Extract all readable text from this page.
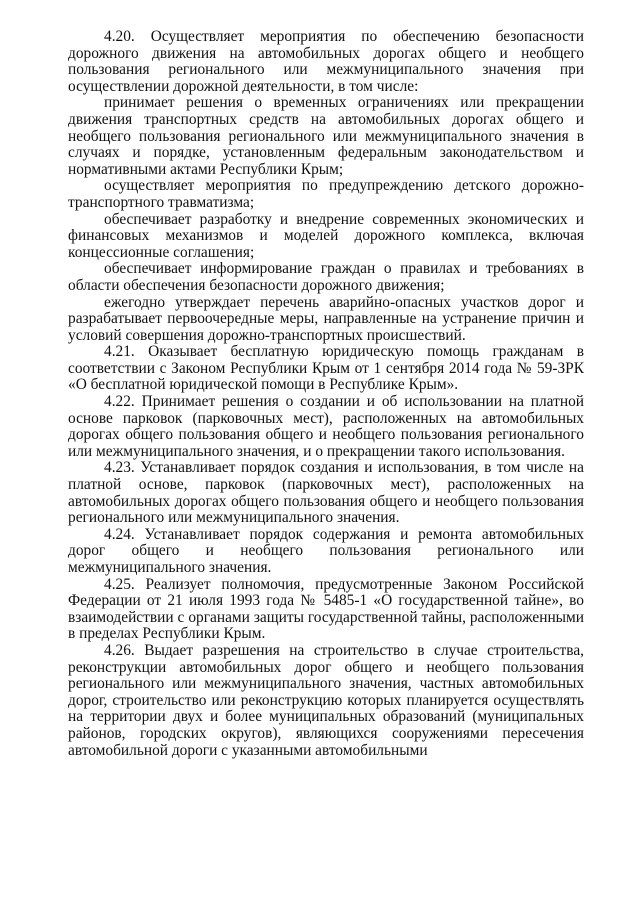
4.20. Осуществляет мероприятия по обеспечению безопасности дорожного движения на автомобильных дорогах общего и необщего пользования регионального или межмуниципального значения при осуществлении дорожной деятельности, в том числе:

принимает решения о временных ограничениях или прекращении движения транспортных средств на автомобильных дорогах общего и необщего пользования регионального или межмуниципального значения в случаях и порядке, установленным федеральным законодательством и нормативными актами Республики Крым;

осуществляет мероприятия по предупреждению детского дорожно-транспортного травматизма;

обеспечивает разработку и внедрение современных экономических и финансовых механизмов и моделей дорожного комплекса, включая концессионные соглашения;

обеспечивает информирование граждан о правилах и требованиях в области обеспечения безопасности дорожного движения;

ежегодно утверждает перечень аварийно-опасных участков дорог и разрабатывает первоочередные меры, направленные на устранение причин и условий совершения дорожно-транспортных происшествий.

4.21. Оказывает бесплатную юридическую помощь гражданам в соответствии с Законом Республики Крым от 1 сентября 2014 года № 59-ЗРК «О бесплатной юридической помощи в Республике Крым».

4.22. Принимает решения о создании и об использовании на платной основе парковок (парковочных мест), расположенных на автомобильных дорогах общего пользования общего и необщего пользования регионального или межмуниципального значения, и о прекращении такого использования.

4.23. Устанавливает порядок создания и использования, в том числе на платной основе, парковок (парковочных мест), расположенных на автомобильных дорогах общего пользования общего и необщего пользования регионального или межмуниципального значения.

4.24. Устанавливает порядок содержания и ремонта автомобильных дорог общего и необщего пользования регионального или межмуниципального значения.

4.25. Реализует полномочия, предусмотренные Законом Российской Федерации от 21 июля 1993 года № 5485-1 «О государственной тайне», во взаимодействии с органами защиты государственной тайны, расположенными в пределах Республики Крым.

4.26. Выдает разрешения на строительство в случае строительства, реконструкции автомобильных дорог общего и необщего пользования регионального или межмуниципального значения, частных автомобильных дорог, строительство или реконструкцию которых планируется осуществлять на территории двух и более муниципальных образований (муниципальных районов, городских округов), являющихся сооружениями пересечения автомобильной дороги с указанными автомобильными
